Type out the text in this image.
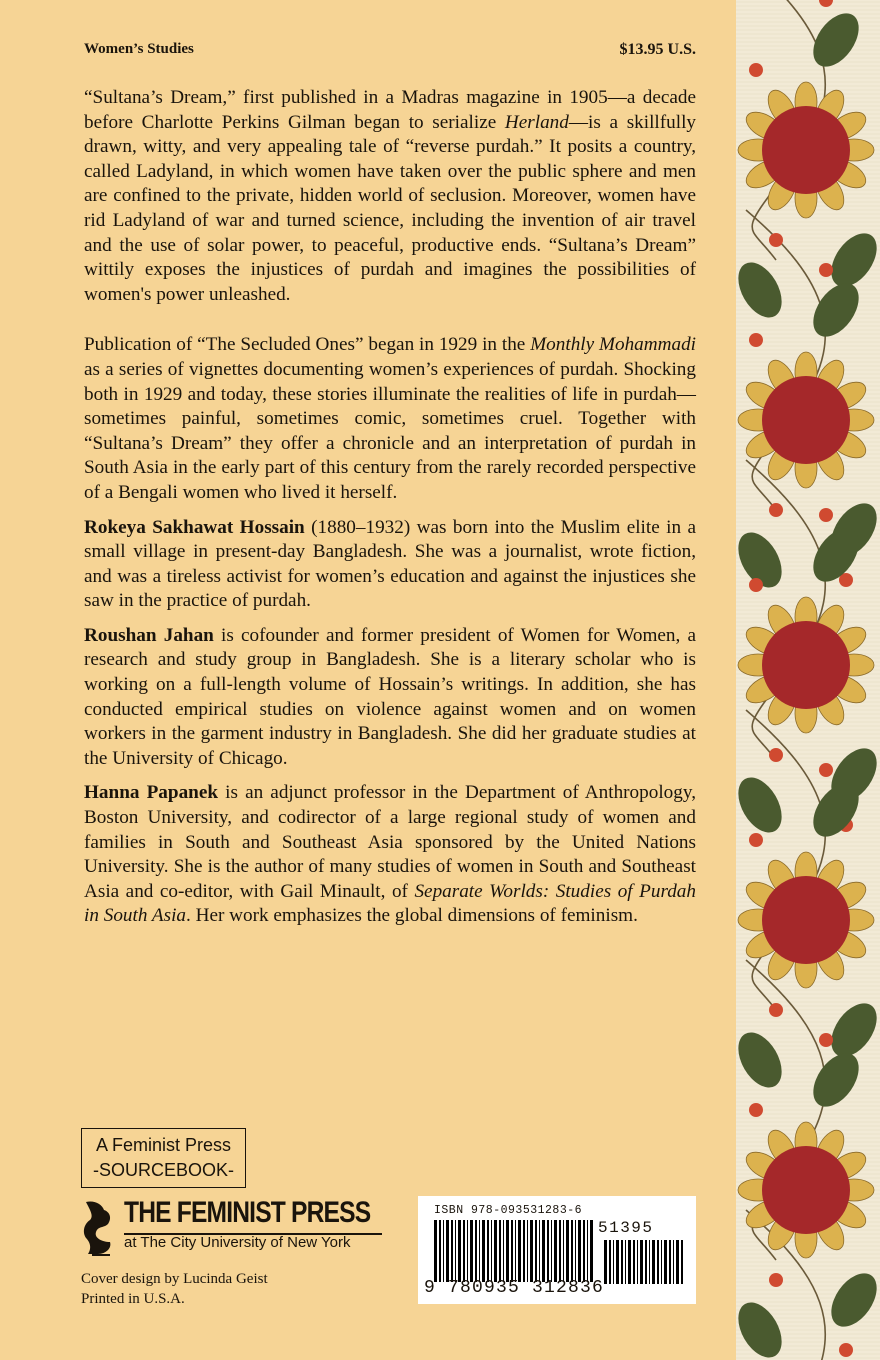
Women’s Studies	$13.95 U.S.

“Sultana’s Dream,” first published in a Madras magazine in 1905—a decade before Charlotte Perkins Gilman began to serialize Herland—is a skillfully drawn, witty, and very appealing tale of “reverse purdah.” It posits a country, called Ladyland, in which women have taken over the public sphere and men are confined to the private, hidden world of seclusion. Moreover, women have rid Ladyland of war and turned science, including the invention of air travel and the use of solar power, to peaceful, productive ends. “Sultana’s Dream” wittily exposes the injustices of purdah and imagines the possibilities of women's power unleashed.

Publication of “The Secluded Ones” began in 1929 in the Monthly Mohammadi as a series of vignettes documenting women’s experiences of purdah. Shocking both in 1929 and today, these stories illuminate the realities of life in purdah—sometimes painful, sometimes comic, sometimes cruel. Together with “Sultana’s Dream” they offer a chronicle and an interpretation of purdah in South Asia in the early part of this century from the rarely recorded perspective of a Bengali women who lived it herself.

Rokeya Sakhawat Hossain (1880–1932) was born into the Muslim elite in a small village in present-day Bangladesh. She was a journalist, wrote fiction, and was a tireless activist for women’s education and against the injustices she saw in the practice of purdah.

Roushan Jahan is cofounder and former president of Women for Women, a research and study group in Bangladesh. She is a literary scholar who is working on a full-length volume of Hossain’s writings. In addition, she has conducted empirical studies on violence against women and on women workers in the garment industry in Bangladesh. She did her graduate studies at the University of Chicago.

Hanna Papanek is an adjunct professor in the Department of Anthropology, Boston University, and codirector of a large regional study of women and families in South and Southeast Asia sponsored by the United Nations University. She is the author of many studies of women in South and Southeast Asia and co-editor, with Gail Minault, of Separate Worlds: Studies of Purdah in South Asia. Her work emphasizes the global dimensions of feminism.

A Feminist Press
-SOURCEBOOK-
THE FEMINIST PRESS
at The City University of New York
Cover design by Lucinda Geist
Printed in U.S.A.
ISBN 978-093531283-6
51395
9 780935 312836
